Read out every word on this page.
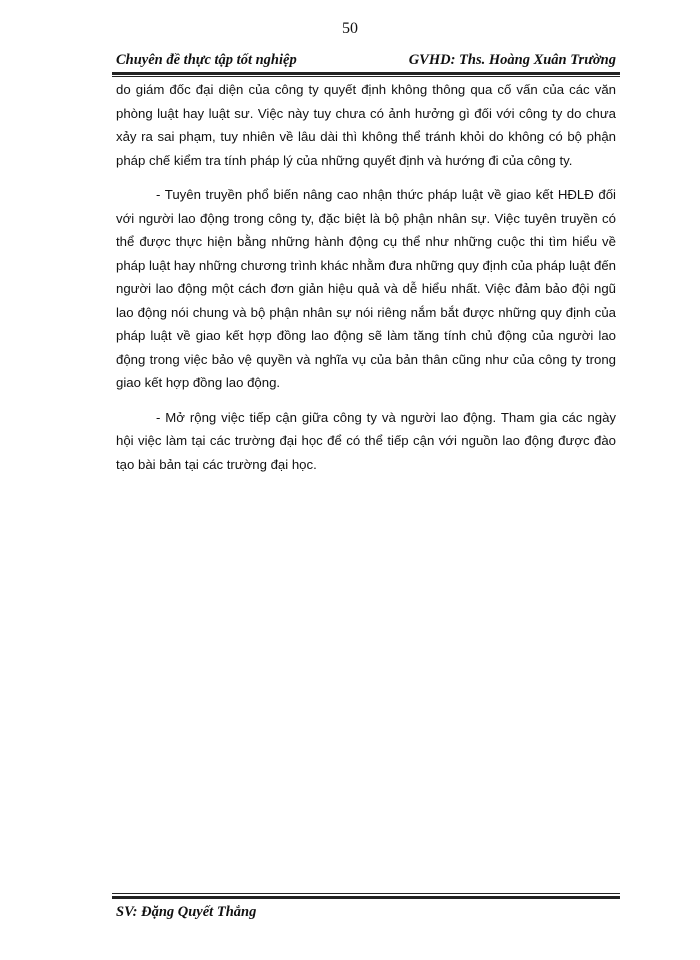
50
Chuyên đề thực tập tốt nghiệp	GVHD: Ths. Hoàng Xuân Trường

do giám đốc đại diện của công ty quyết định không thông qua cố vấn của các văn phòng luật hay luật sư. Việc này tuy chưa có ảnh hưởng gì đối với công ty do chưa xảy ra sai phạm, tuy nhiên về lâu dài thì không thể tránh khỏi do không có bộ phận pháp chế kiểm tra tính pháp lý của những quyết định và hướng đi của công ty.

- Tuyên truyền phổ biến nâng cao nhận thức pháp luật về giao kết HĐLĐ đối với người lao động trong công ty, đặc biệt là bộ phận nhân sự. Việc tuyên truyền có thể được thực hiện bằng những hành động cụ thể như những cuộc thi tìm hiểu về pháp luật hay những chương trình khác nhằm đưa những quy định của pháp luật đến người lao động một cách đơn giản hiệu quả và dễ hiểu nhất. Việc đảm bảo đội ngũ lao động nói chung và bộ phận nhân sự nói riêng nắm bắt được những quy định của pháp luật về giao kết hợp đồng lao động sẽ làm tăng tính chủ động của người lao động trong việc bảo vệ quyền và nghĩa vụ của bản thân cũng như của công ty trong giao kết hợp đồng lao động.

- Mở rộng việc tiếp cận giữa công ty và người lao động. Tham gia các ngày hội việc làm tại các trường đại học để có thể tiếp cận với nguồn lao động được đào tạo bài bản tại các trường đại học.

SV: Đặng Quyết Thắng
